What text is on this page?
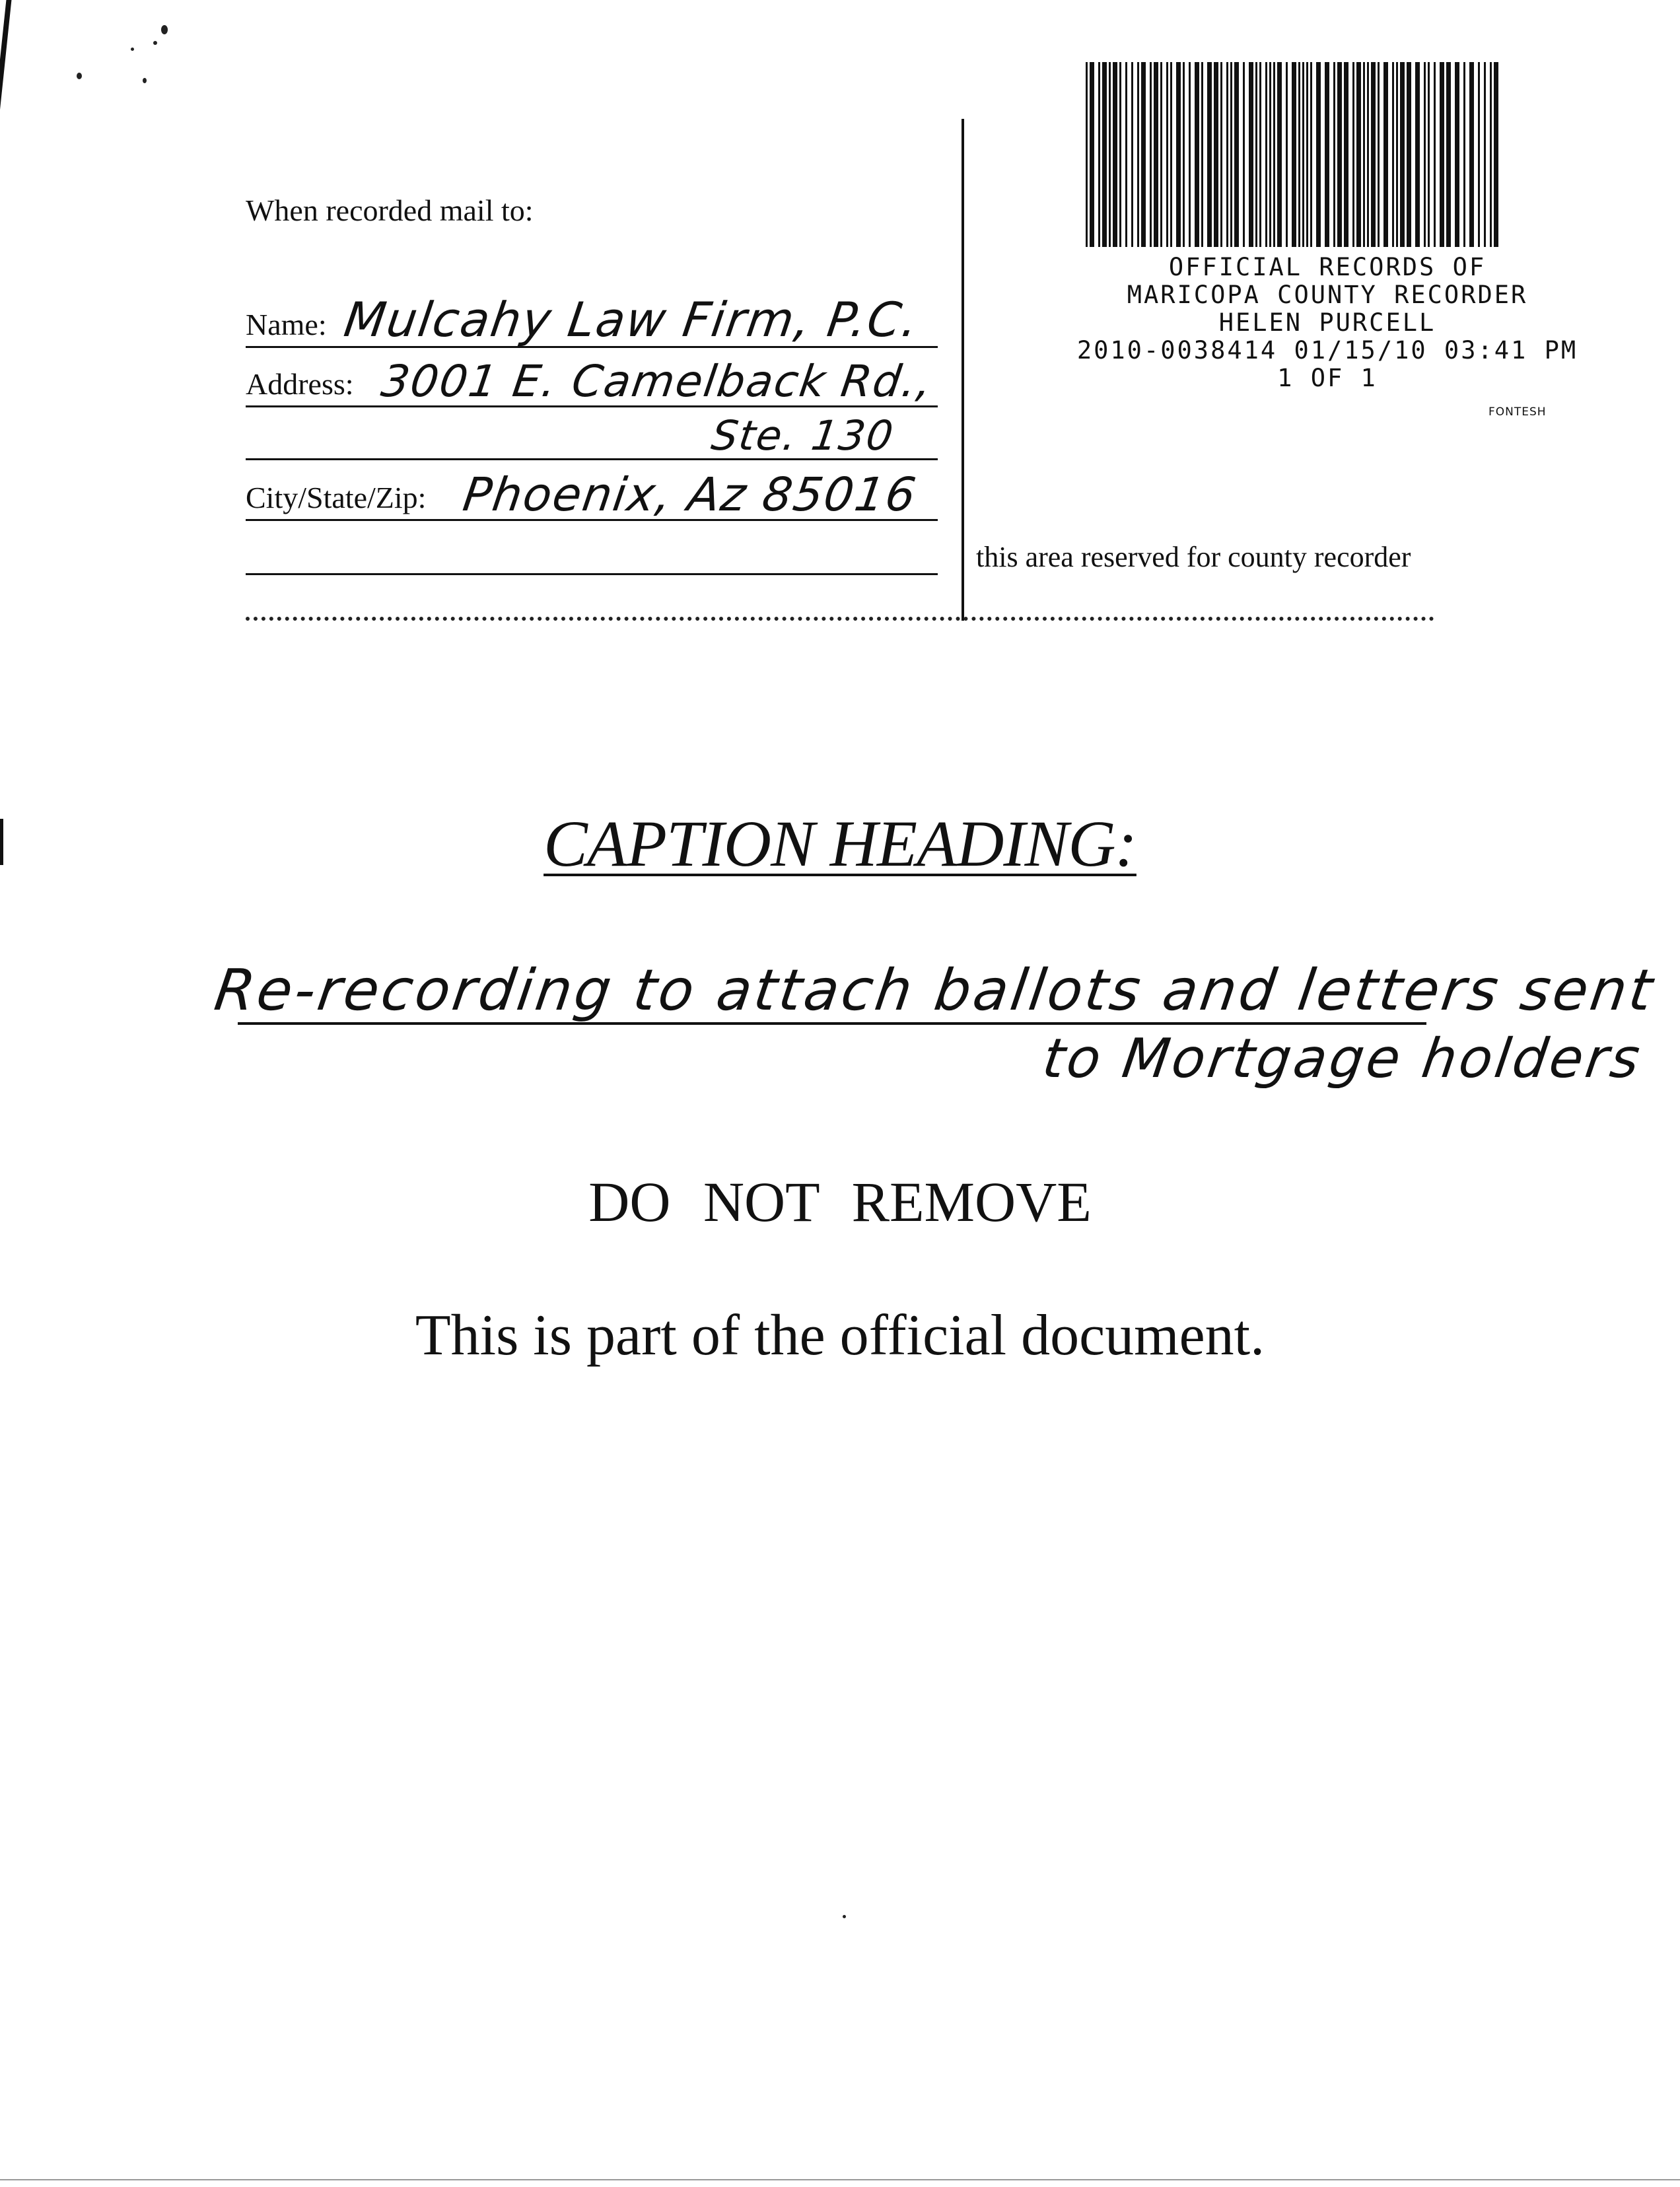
When recorded mail to:
Name: Mulcahy Law Firm, P.C.
Address: 3001 E. Camelback Rd.,
Ste. 130
City/State/Zip: Phoenix, Az 85016
this area reserved for county recorder
OFFICIAL RECORDS OF
MARICOPA COUNTY RECORDER
HELEN PURCELL
2010-0038414 01/15/10 03:41 PM
1 OF 1
FONTESH
CAPTION HEADING:
Re-recording to attach ballots and letters sent
to Mortgage holders
DO NOT REMOVE
This is part of the official document.
